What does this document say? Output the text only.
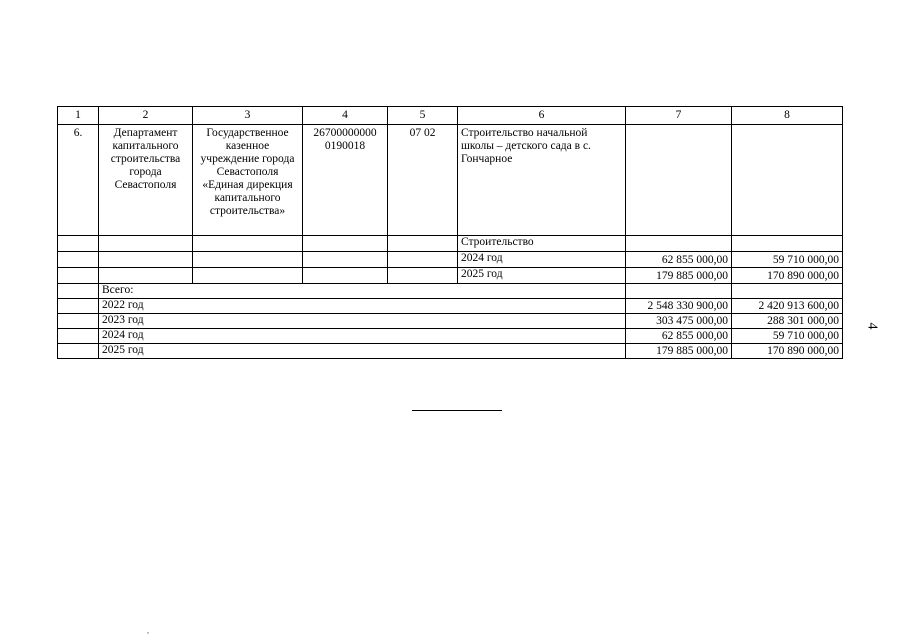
1	2	3	4	5	6	7	8
6.	Департамент капитального строительства города Севастополя	Государственное казенное учреждение города Севастополя «Единая дирекция капитального строительства»	26700000000 0190018	07 02	Строительство начальной школы – детского сада в с. Гончарное		
					Строительство		
					2024 год	62 855 000,00	59 710 000,00
					2025 год	179 885 000,00	170 890 000,00
	Всего:						
	2022 год					2 548 330 900,00	2 420 913 600,00
	2023 год					303 475 000,00	288 301 000,00
	2024 год					62 855 000,00	59 710 000,00
	2025 год					179 885 000,00	170 890 000,00
4
,
